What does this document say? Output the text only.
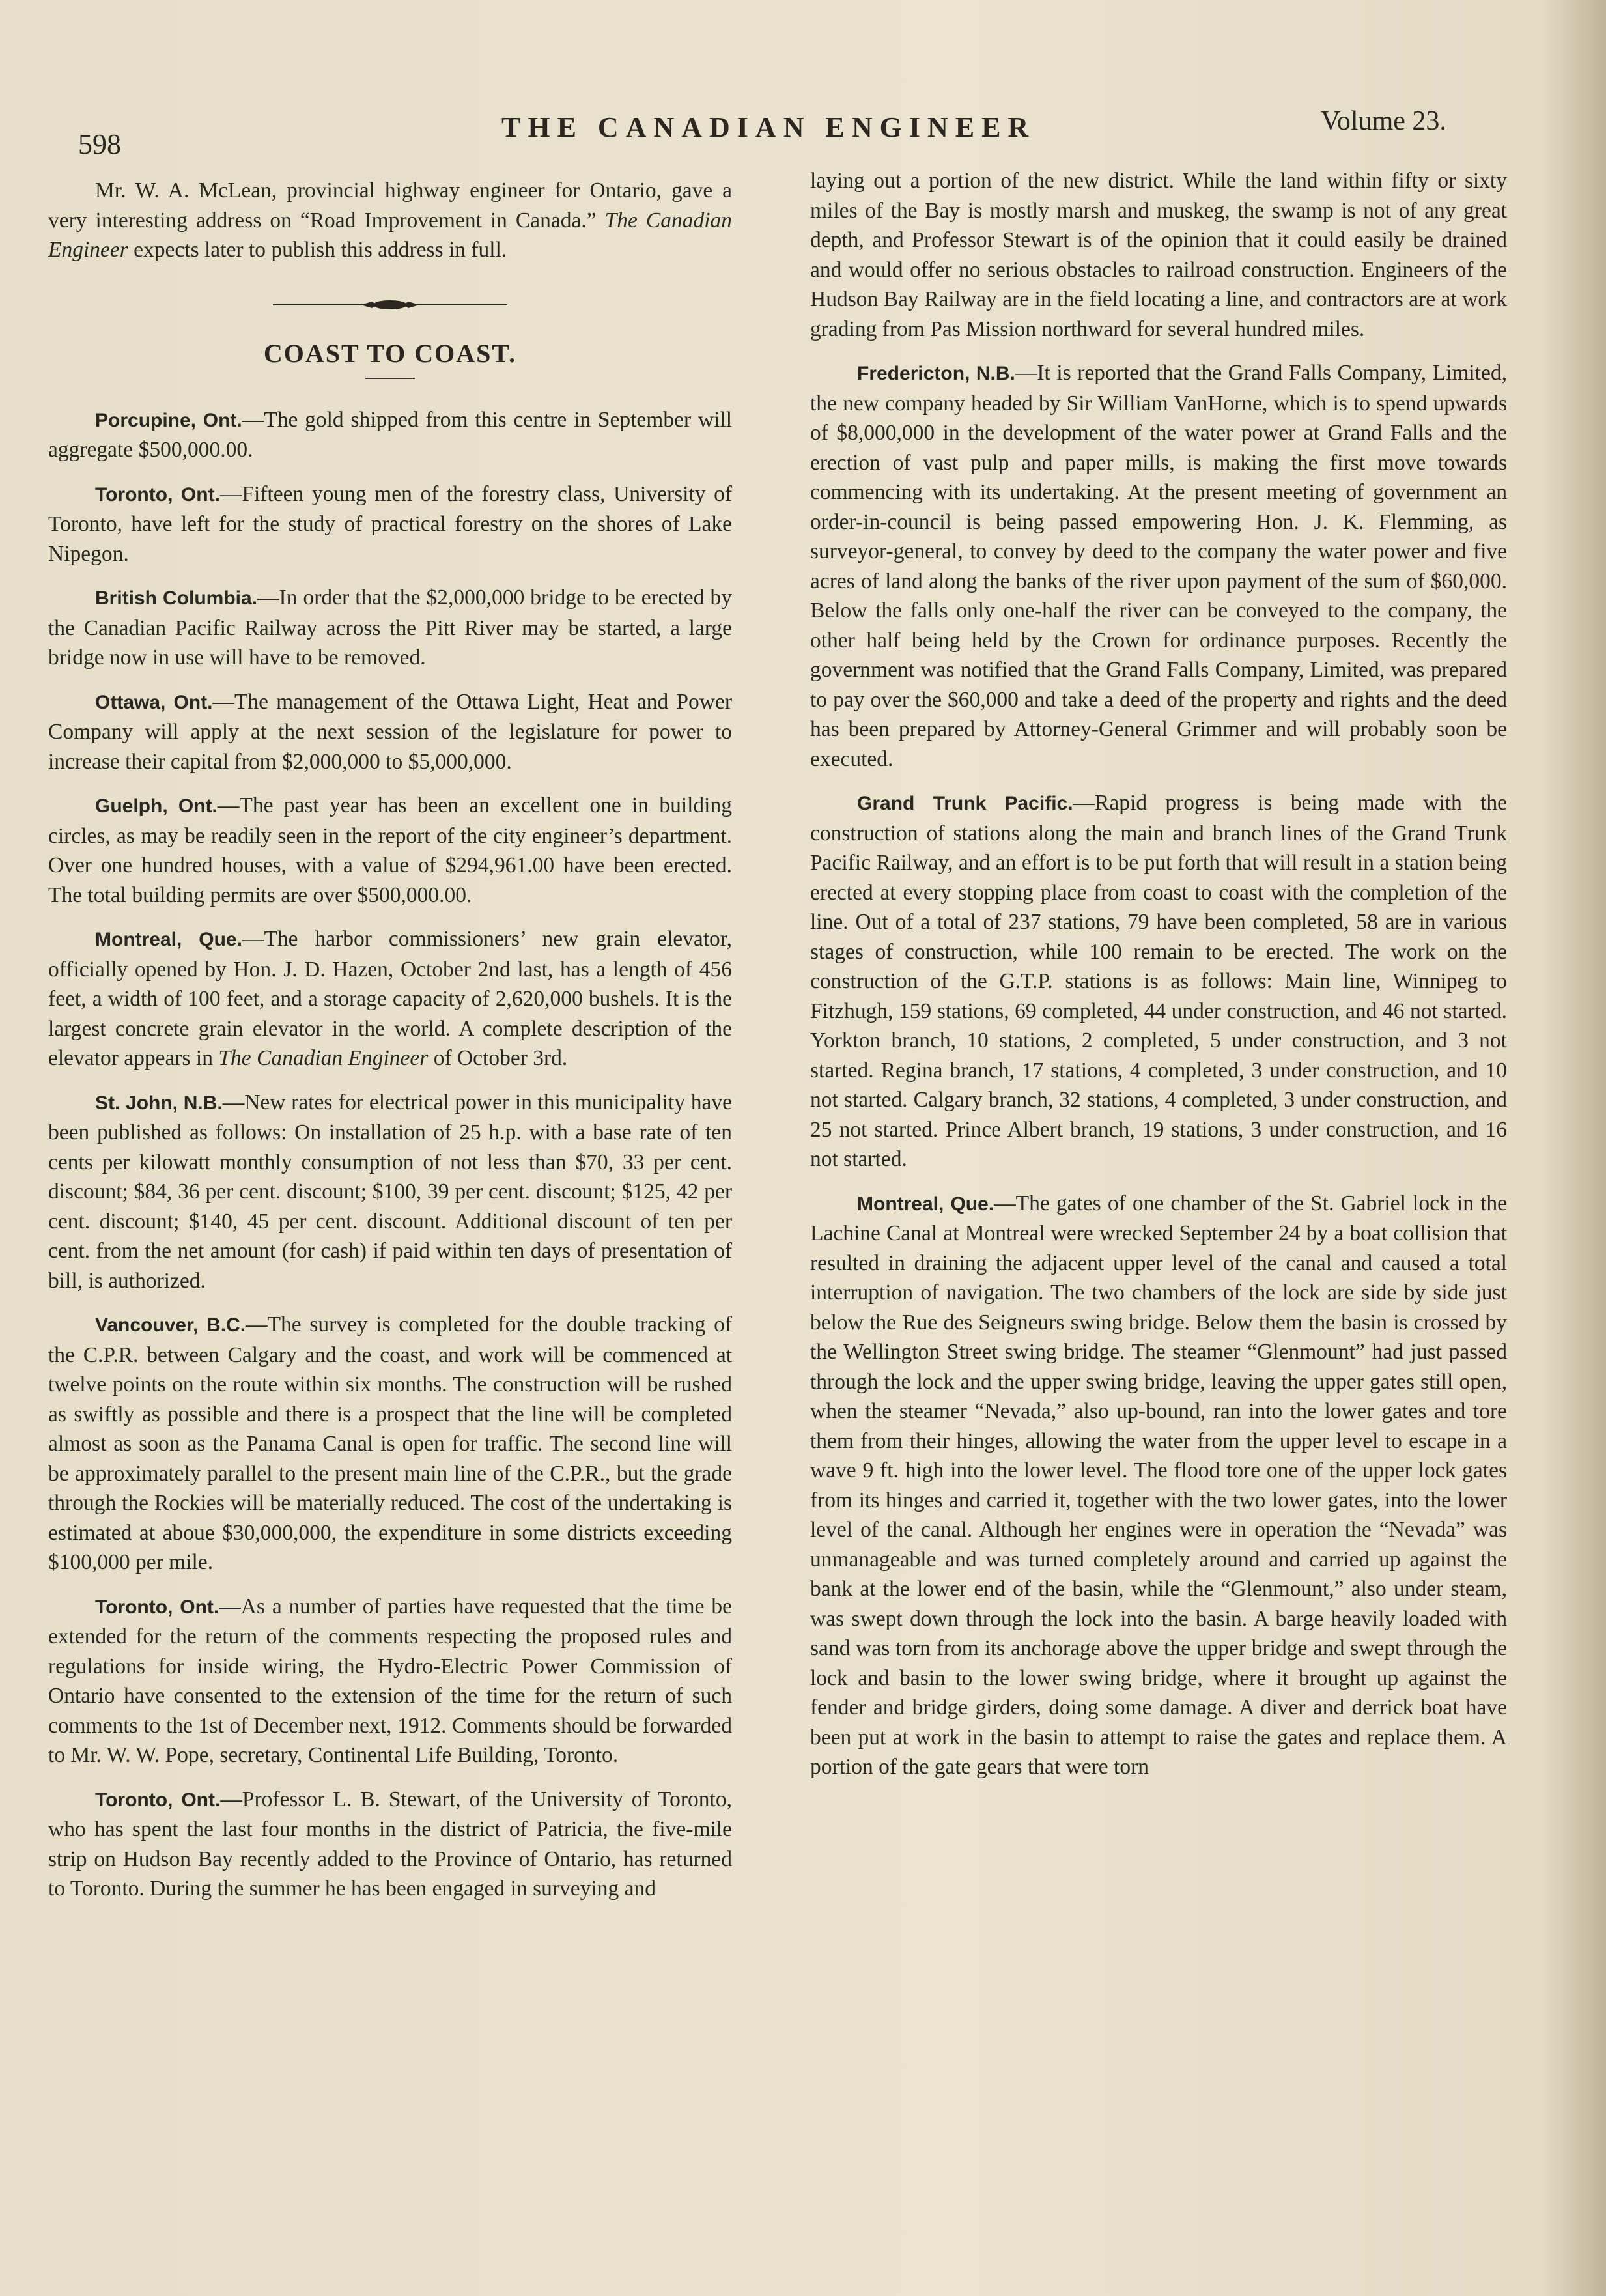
598
THE CANADIAN ENGINEER	Volume 23.

Mr. W. A. McLean, provincial highway engineer for Ontario, gave a very interesting address on “Road Improvement in Canada.” The Canadian Engineer expects later to publish this address in full.

COAST TO COAST.

Porcupine, Ont.—The gold shipped from this centre in September will aggregate $500,000.00.

Toronto, Ont.—Fifteen young men of the forestry class, University of Toronto, have left for the study of practical forestry on the shores of Lake Nipegon.

British Columbia.—In order that the $2,000,000 bridge to be erected by the Canadian Pacific Railway across the Pitt River may be started, a large bridge now in use will have to be removed.

Ottawa, Ont.—The management of the Ottawa Light, Heat and Power Company will apply at the next session of the legislature for power to increase their capital from $2,000,000 to $5,000,000.

Guelph, Ont.—The past year has been an excellent one in building circles, as may be readily seen in the report of the city engineer’s department. Over one hundred houses, with a value of $294,961.00 have been erected. The total building permits are over $500,000.00.

Montreal, Que.—The harbor commissioners’ new grain elevator, officially opened by Hon. J. D. Hazen, October 2nd last, has a length of 456 feet, a width of 100 feet, and a storage capacity of 2,620,000 bushels. It is the largest concrete grain elevator in the world. A complete description of the elevator appears in The Canadian Engineer of October 3rd.

St. John, N.B.—New rates for electrical power in this municipality have been published as follows: On installation of 25 h.p. with a base rate of ten cents per kilowatt monthly consumption of not less than $70, 33 per cent. discount; $84, 36 per cent. discount; $100, 39 per cent. discount; $125, 42 per cent. discount; $140, 45 per cent. discount. Additional discount of ten per cent. from the net amount (for cash) if paid within ten days of presentation of bill, is authorized.

Vancouver, B.C.—The survey is completed for the double tracking of the C.P.R. between Calgary and the coast, and work will be commenced at twelve points on the route within six months. The construction will be rushed as swiftly as possible and there is a prospect that the line will be completed almost as soon as the Panama Canal is open for traffic. The second line will be approximately parallel to the present main line of the C.P.R., but the grade through the Rockies will be materially reduced. The cost of the undertaking is estimated at aboue $30,000,000, the expenditure in some districts exceeding $100,000 per mile.

Toronto, Ont.—As a number of parties have requested that the time be extended for the return of the comments respecting the proposed rules and regulations for inside wiring, the Hydro-Electric Power Commission of Ontario have consented to the extension of the time for the return of such comments to the 1st of December next, 1912. Comments should be forwarded to Mr. W. W. Pope, secretary, Continental Life Building, Toronto.

Toronto, Ont.—Professor L. B. Stewart, of the University of Toronto, who has spent the last four months in the district of Patricia, the five-mile strip on Hudson Bay recently added to the Province of Ontario, has returned to Toronto. During the summer he has been engaged in surveying and

laying out a portion of the new district. While the land within fifty or sixty miles of the Bay is mostly marsh and muskeg, the swamp is not of any great depth, and Professor Stewart is of the opinion that it could easily be drained and would offer no serious obstacles to railroad construction. Engineers of the Hudson Bay Railway are in the field locating a line, and contractors are at work grading from Pas Mission northward for several hundred miles.

Fredericton, N.B.—It is reported that the Grand Falls Company, Limited, the new company headed by Sir William VanHorne, which is to spend upwards of $8,000,000 in the development of the water power at Grand Falls and the erection of vast pulp and paper mills, is making the first move towards commencing with its undertaking. At the present meeting of government an order-in-council is being passed empowering Hon. J. K. Flemming, as surveyor-general, to convey by deed to the company the water power and five acres of land along the banks of the river upon payment of the sum of $60,000. Below the falls only one-half the river can be conveyed to the company, the other half being held by the Crown for ordinance purposes. Recently the government was notified that the Grand Falls Company, Limited, was prepared to pay over the $60,000 and take a deed of the property and rights and the deed has been prepared by Attorney-General Grimmer and will probably soon be executed.

Grand Trunk Pacific.—Rapid progress is being made with the construction of stations along the main and branch lines of the Grand Trunk Pacific Railway, and an effort is to be put forth that will result in a station being erected at every stopping place from coast to coast with the completion of the line. Out of a total of 237 stations, 79 have been completed, 58 are in various stages of construction, while 100 remain to be erected. The work on the construction of the G.T.P. stations is as follows: Main line, Winnipeg to Fitzhugh, 159 stations, 69 completed, 44 under construction, and 46 not started. Yorkton branch, 10 stations, 2 completed, 5 under construction, and 3 not started. Regina branch, 17 stations, 4 completed, 3 under construction, and 10 not started. Calgary branch, 32 stations, 4 completed, 3 under construction, and 25 not started. Prince Albert branch, 19 stations, 3 under construction, and 16 not started.

Montreal, Que.—The gates of one chamber of the St. Gabriel lock in the Lachine Canal at Montreal were wrecked September 24 by a boat collision that resulted in draining the adjacent upper level of the canal and caused a total interruption of navigation. The two chambers of the lock are side by side just below the Rue des Seigneurs swing bridge. Below them the basin is crossed by the Wellington Street swing bridge. The steamer “Glenmount” had just passed through the lock and the upper swing bridge, leaving the upper gates still open, when the steamer “Nevada,” also up-bound, ran into the lower gates and tore them from their hinges, allowing the water from the upper level to escape in a wave 9 ft. high into the lower level. The flood tore one of the upper lock gates from its hinges and carried it, together with the two lower gates, into the lower level of the canal. Although her engines were in operation the “Nevada” was unmanageable and was turned completely around and carried up against the bank at the lower end of the basin, while the “Glenmount,” also under steam, was swept down through the lock into the basin. A barge heavily loaded with sand was torn from its anchorage above the upper bridge and swept through the lock and basin to the lower swing bridge, where it brought up against the fender and bridge girders, doing some damage. A diver and derrick boat have been put at work in the basin to attempt to raise the gates and replace them. A portion of the gate gears that were torn
